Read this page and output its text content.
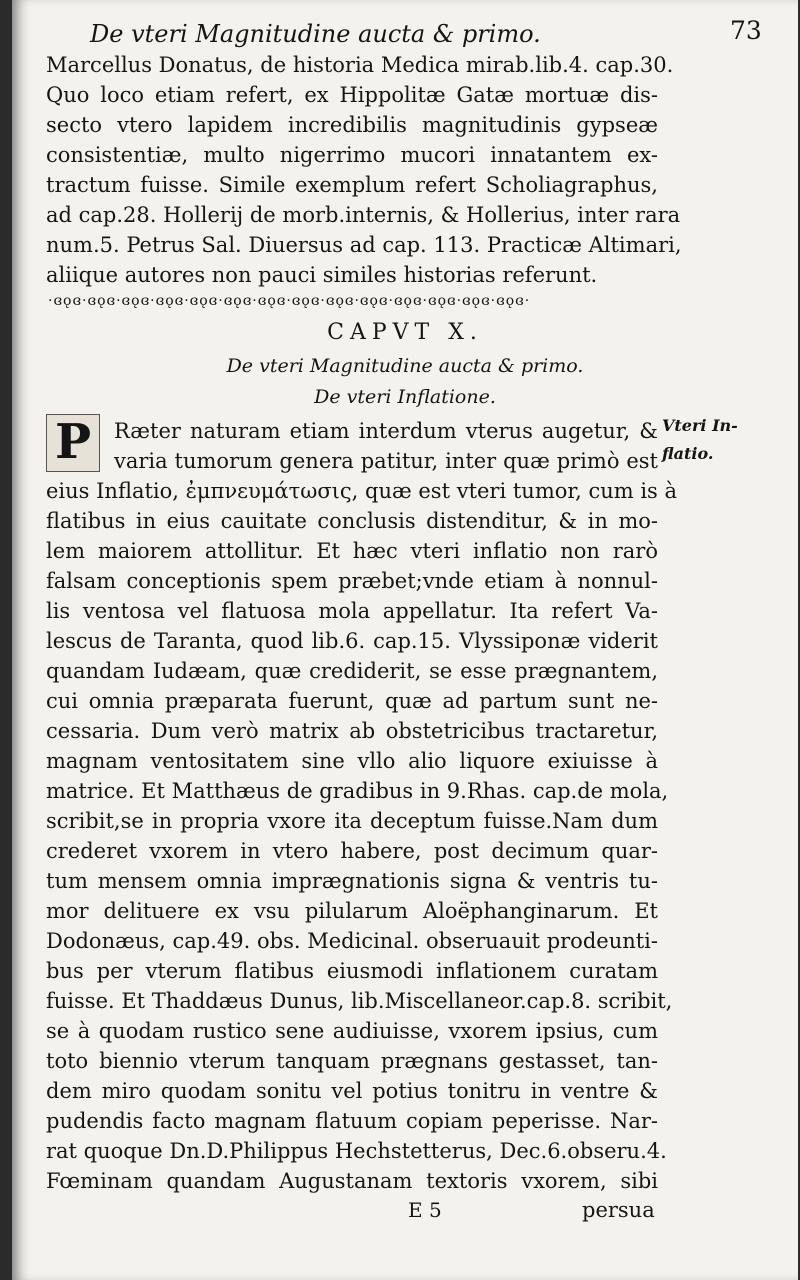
De vteri Magnitudine aucta & primo.	73
Marcellus Donatus, de historia Medica mirab.lib.4. cap.30.
Quo loco etiam refert, ex Hippolitæ Gatæ mortuæ dis-
secto vtero lapidem incredibilis magnitudinis gypseæ
consistentiæ, multo nigerrimo mucori innatantem ex-
tractum fuisse. Simile exemplum refert Scholiagraphus,
ad cap.28. Hollerij de morb.internis, & Hollerius, inter rara
num.5. Petrus Sal. Diuersus ad cap. 113. Practicæ Altimari,
aliique autores non pauci similes historias referunt.
·ɞǫɞ·ɞǫɞ·ɞǫɞ·ɞǫɞ·ɞǫɞ·ɞǫɞ·ɞǫɞ·ɞǫɞ·ɞǫɞ·ɞǫɞ·ɞǫɞ·ɞǫɞ·ɞǫɞ·ɞǫɞ·
CAPVT X.
De vteri Magnitudine aucta & primo.
De vteri Inflatione.
P	Ræter naturam etiam interdum vterus augetur, &
varia tumorum genera patitur, inter quæ primò est
Vteri In-
flatio.
eius Inflatio, ἐμπνευμάτωσις, quæ est vteri tumor, cum is à
flatibus in eius cauitate conclusis distenditur, & in mo-
lem maiorem attollitur. Et hæc vteri inflatio non rarò
falsam conceptionis spem præbet;vnde etiam à nonnul-
lis ventosa vel flatuosa mola appellatur. Ita refert Va-
lescus de Taranta, quod lib.6. cap.15. Vlyssiponæ viderit
quandam Iudæam, quæ crediderit, se esse prægnantem,
cui omnia præparata fuerunt, quæ ad partum sunt ne-
cessaria. Dum verò matrix ab obstetricibus tractaretur,
magnam ventositatem sine vllo alio liquore exiuisse à
matrice. Et Matthæus de gradibus in 9.Rhas. cap.de mola,
scribit,se in propria vxore ita deceptum fuisse.Nam dum
crederet vxorem in vtero habere, post decimum quar-
tum mensem omnia imprægnationis signa & ventris tu-
mor delituere ex vsu pilularum Aloëphanginarum. Et
Dodonæus, cap.49. obs. Medicinal. obseruauit prodeunti-
bus per vterum flatibus eiusmodi inflationem curatam
fuisse. Et Thaddæus Dunus, lib.Miscellaneor.cap.8. scribit,
se à quodam rustico sene audiuisse, vxorem ipsius, cum
toto biennio vterum tanquam prægnans gestasset, tan-
dem miro quodam sonitu vel potius tonitru in ventre &
pudendis facto magnam flatuum copiam peperisse. Nar-
rat quoque Dn.D.Philippus Hechstetterus, Dec.6.obseru.4.
Fœminam quandam Augustanam textoris vxorem, sibi
E 5	persua
